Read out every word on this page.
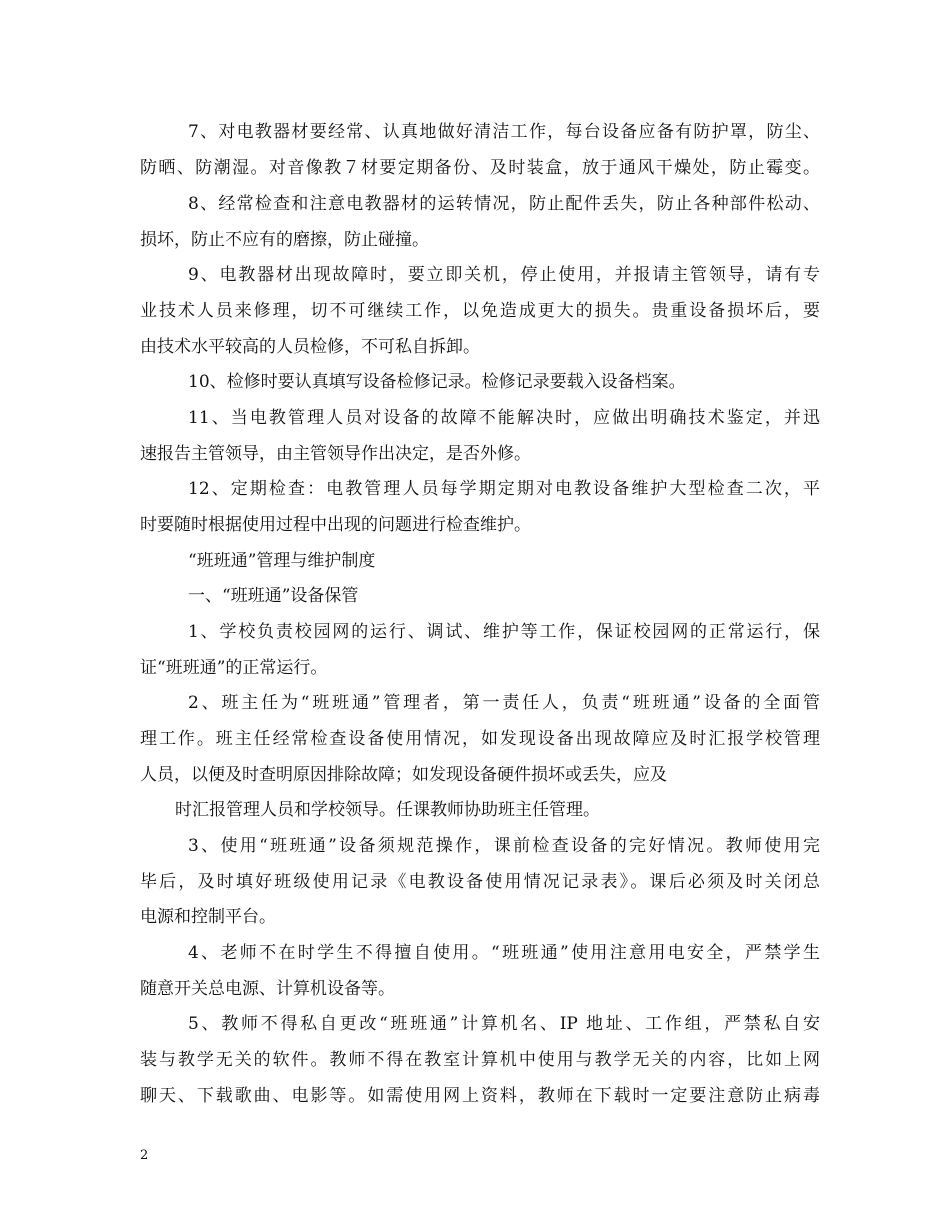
7、对电教器材要经常、认真地做好清洁工作，每台设备应备有防护罩，防尘、
防晒、防潮湿。对音像教７材要定期备份、及时装盒，放于通风干燥处，防止霉变。
8、经常检查和注意电教器材的运转情况，防止配件丢失，防止各种部件松动、
损坏，防止不应有的磨擦，防止碰撞。
9、电教器材出现故障时，要立即关机，停止使用，并报请主管领导，请有专
业技术人员来修理，切不可继续工作，以免造成更大的损失。贵重设备损坏后，要
由技术水平较高的人员检修，不可私自拆卸。
10、检修时要认真填写设备检修记录。检修记录要载入设备档案。
11、当电教管理人员对设备的故障不能解决时，应做出明确技术鉴定，并迅
速报告主管领导，由主管领导作出决定，是否外修。
12、定期检查：电教管理人员每学期定期对电教设备维护大型检查二次，平
时要随时根据使用过程中出现的问题进行检查维护。
“班班通”管理与维护制度
一、“班班通”设备保管
1、学校负责校园网的运行、调试、维护等工作，保证校园网的正常运行，保
证“班班通”的正常运行。
2、班主任为“班班通”管理者，第一责任人，负责“班班通”设备的全面管
理工作。班主任经常检查设备使用情况，如发现设备出现故障应及时汇报学校管理
人员，以便及时查明原因排除故障；如发现设备硬件损坏或丢失，应及
时汇报管理人员和学校领导。任课教师协助班主任管理。
3、使用“班班通”设备须规范操作，课前检查设备的完好情况。教师使用完
毕后，及时填好班级使用记录《电教设备使用情况记录表》。课后必须及时关闭总
电源和控制平台。
4、老师不在时学生不得擅自使用。“班班通”使用注意用电安全，严禁学生
随意开关总电源、计算机设备等。
5、教师不得私自更改“班班通”计算机名、IP 地址、工作组，严禁私自安
装与教学无关的软件。教师不得在教室计算机中使用与教学无关的内容，比如上网
聊天、下载歌曲、电影等。如需使用网上资料，教师在下载时一定要注意防止病毒
2
